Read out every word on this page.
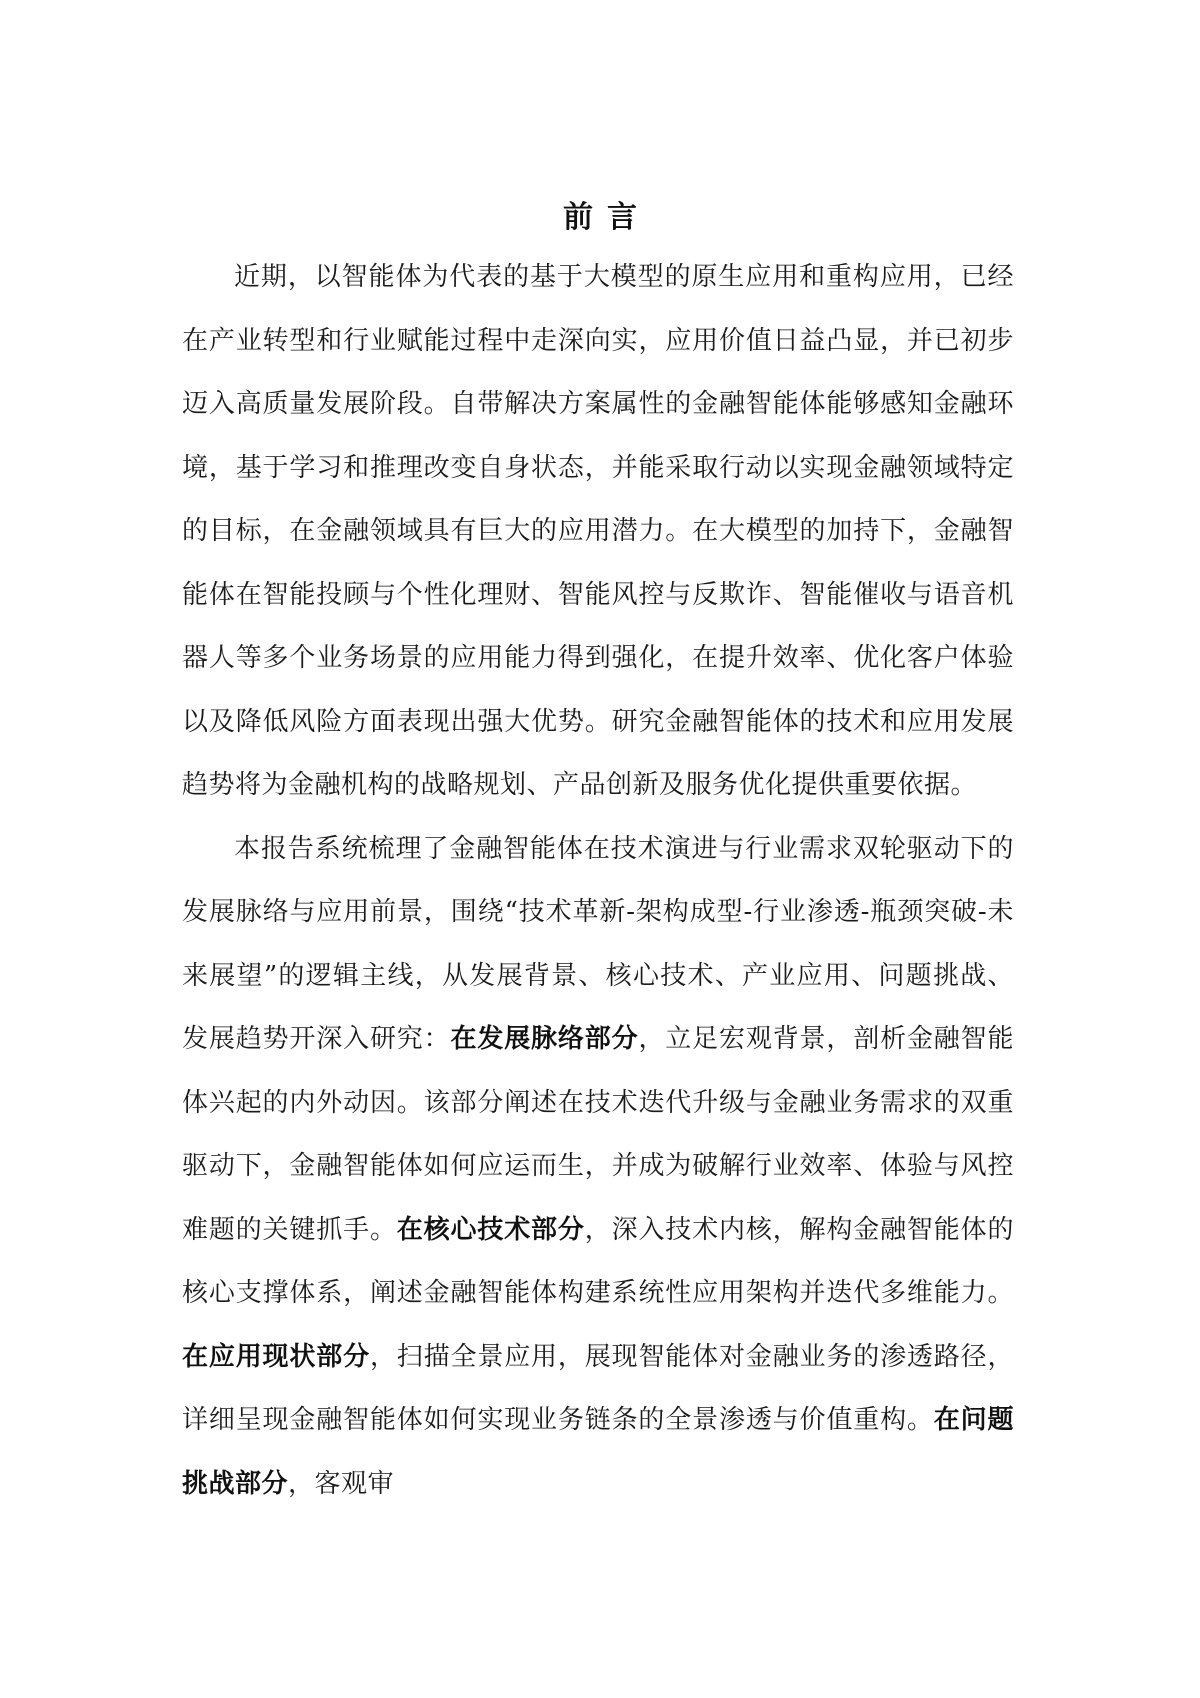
前言

近期，以智能体为代表的基于大模型的原生应用和重构应用，已经在产业转型和行业赋能过程中走深向实，应用价值日益凸显，并已初步迈入高质量发展阶段。自带解决方案属性的金融智能体能够感知金融环境，基于学习和推理改变自身状态，并能采取行动以实现金融领域特定的目标，在金融领域具有巨大的应用潜力。在大模型的加持下，金融智能体在智能投顾与个性化理财、智能风控与反欺诈、智能催收与语音机器人等多个业务场景的应用能力得到强化，在提升效率、优化客户体验以及降低风险方面表现出强大优势。研究金融智能体的技术和应用发展趋势将为金融机构的战略规划、产品创新及服务优化提供重要依据。

本报告系统梳理了金融智能体在技术演进与行业需求双轮驱动下的发展脉络与应用前景，围绕“技术革新-架构成型-行业渗透-瓶颈突破-未来展望”的逻辑主线，从发展背景、核心技术、产业应用、问题挑战、发展趋势开深入研究：在发展脉络部分，立足宏观背景，剖析金融智能体兴起的内外动因。该部分阐述在技术迭代升级与金融业务需求的双重驱动下，金融智能体如何应运而生，并成为破解行业效率、体验与风控难题的关键抓手。在核心技术部分，深入技术内核，解构金融智能体的核心支撑体系，阐述金融智能体构建系统性应用架构并迭代多维能力。在应用现状部分，扫描全景应用，展现智能体对金融业务的渗透路径，详细呈现金融智能体如何实现业务链条的全景渗透与价值重构。在问题挑战部分，客观审
